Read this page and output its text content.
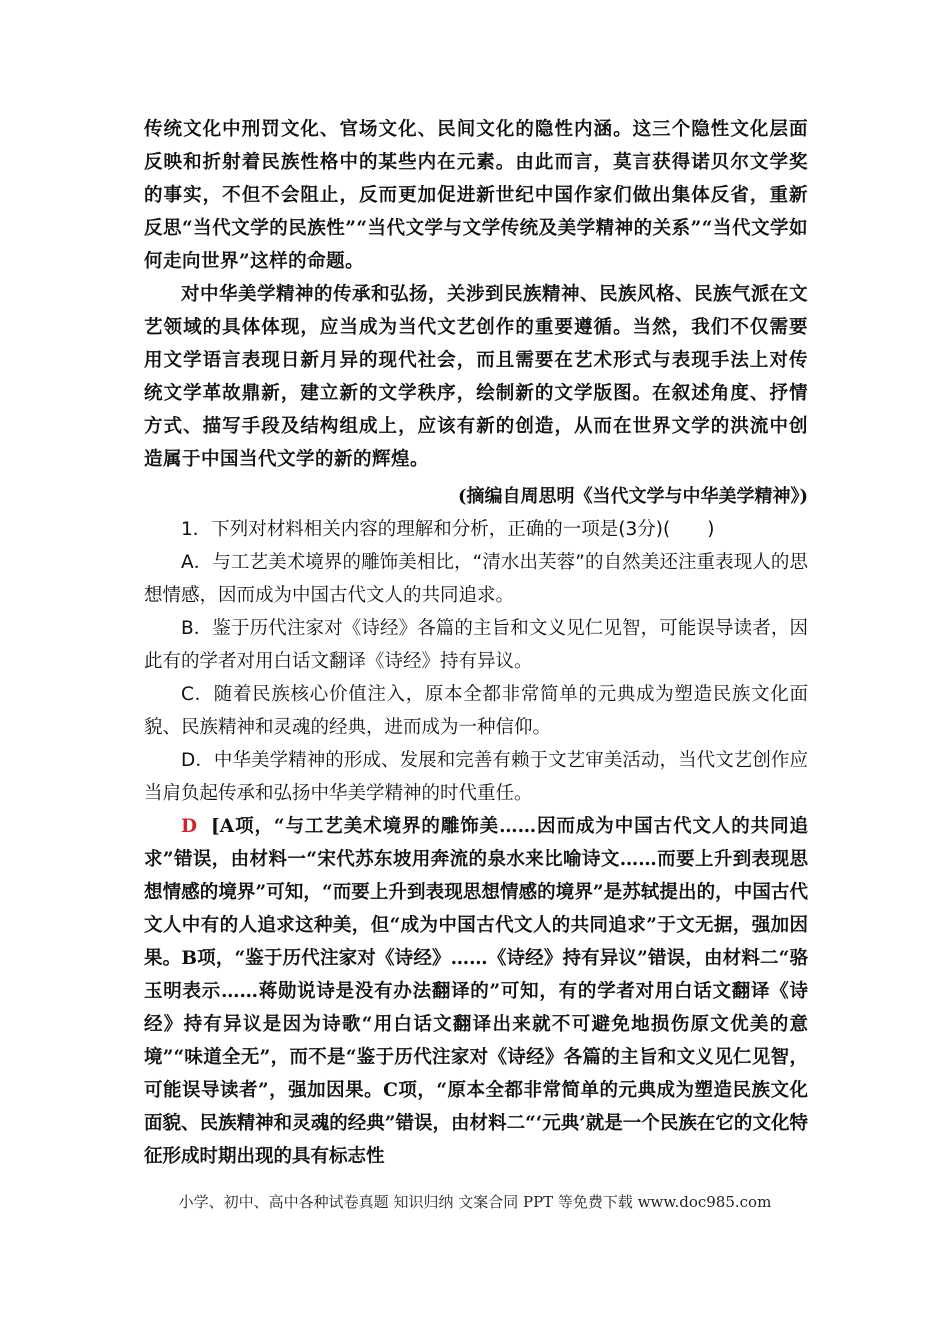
传统文化中刑罚文化、官场文化、民间文化的隐性内涵。这三个隐性文化层面反映和折射着民族性格中的某些内在元素。由此而言，莫言获得诺贝尔文学奖的事实，不但不会阻止，反而更加促进新世纪中国作家们做出集体反省，重新反思“当代文学的民族性”“当代文学与文学传统及美学精神的关系”“当代文学如何走向世界”这样的命题。

对中华美学精神的传承和弘扬，关涉到民族精神、民族风格、民族气派在文艺领域的具体体现，应当成为当代文艺创作的重要遵循。当然，我们不仅需要用文学语言表现日新月异的现代社会，而且需要在艺术形式与表现手法上对传统文学革故鼎新，建立新的文学秩序，绘制新的文学版图。在叙述角度、抒情方式、描写手段及结构组成上，应该有新的创造，从而在世界文学的洪流中创造属于中国当代文学的新的辉煌。

(摘编自周思明《当代文学与中华美学精神》)

1．下列对材料相关内容的理解和分析，正确的一项是(3分)(　　)

A．与工艺美术境界的雕饰美相比，“清水出芙蓉”的自然美还注重表现人的思想情感，因而成为中国古代文人的共同追求。

B．鉴于历代注家对《诗经》各篇的主旨和文义见仁见智，可能误导读者，因此有的学者对用白话文翻译《诗经》持有异议。

C．随着民族核心价值注入，原本全都非常简单的元典成为塑造民族文化面貌、民族精神和灵魂的经典，进而成为一种信仰。

D．中华美学精神的形成、发展和完善有赖于文艺审美活动，当代文艺创作应当肩负起传承和弘扬中华美学精神的时代重任。

D [A项，“与工艺美术境界的雕饰美……因而成为中国古代文人的共同追求”错误，由材料一“宋代苏东坡用奔流的泉水来比喻诗文……而要上升到表现思想情感的境界”可知，“而要上升到表现思想情感的境界”是苏轼提出的，中国古代文人中有的人追求这种美，但“成为中国古代文人的共同追求”于文无据，强加因果。B项，“鉴于历代注家对《诗经》……《诗经》持有异议”错误，由材料二“骆玉明表示……蒋勋说诗是没有办法翻译的”可知，有的学者对用白话文翻译《诗经》持有异议是因为诗歌“用白话文翻译出来就不可避免地损伤原文优美的意境”“味道全无”，而不是“鉴于历代注家对《诗经》各篇的主旨和文义见仁见智，可能误导读者”，强加因果。C项，“原本全都非常简单的元典成为塑造民族文化面貌、民族精神和灵魂的经典”错误，由材料二“‘元典’就是一个民族在它的文化特征形成时期出现的具有标志性

小学、初中、高中各种试卷真题 知识归纳 文案合同 PPT 等免费下载 www.doc985.com
